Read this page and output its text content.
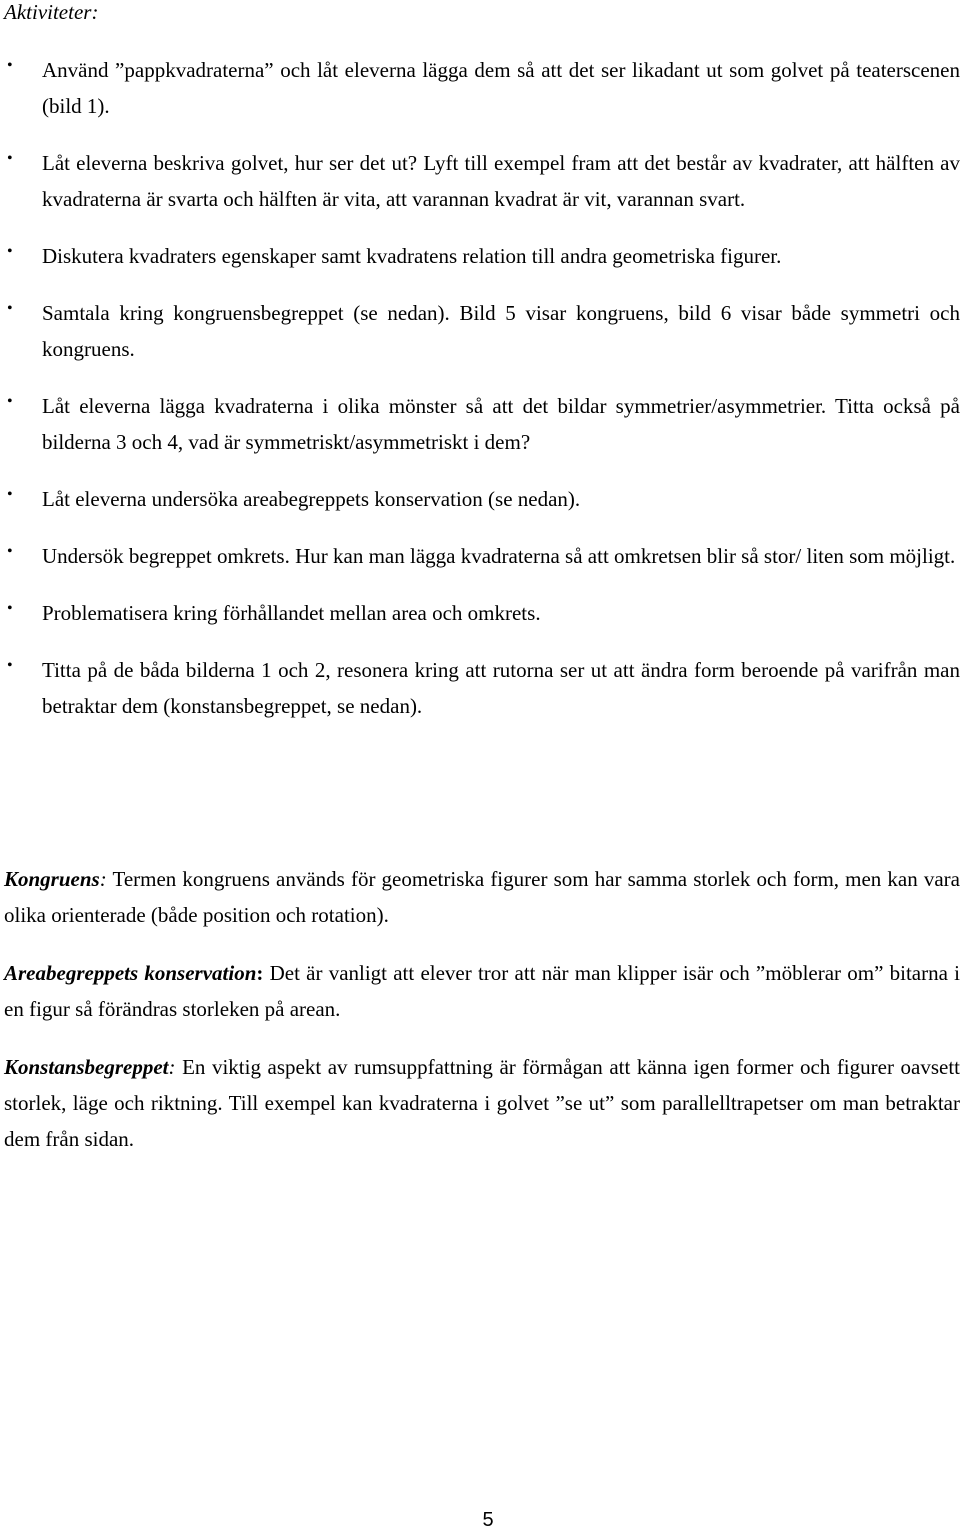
Aktiviteter:
• Använd ”pappkvadraterna” och låt eleverna lägga dem så att det ser likadant ut som golvet på teaterscenen (bild 1).
• Låt eleverna beskriva golvet, hur ser det ut? Lyft till exempel fram att det består av kvadrater, att hälften av kvadraterna är svarta och hälften är vita, att varannan kvadrat är vit, varannan svart.
• Diskutera kvadraters egenskaper samt kvadratens relation till andra geometriska figurer.
• Samtala kring kongruensbegreppet (se nedan). Bild 5 visar kongruens, bild 6 visar både symmetri och kongruens.
• Låt eleverna lägga kvadraterna i olika mönster så att det bildar symmetrier/asymmetrier. Titta också på bilderna 3 och 4, vad är symmetriskt/asymmetriskt i dem?
• Låt eleverna undersöka areabegreppets konservation (se nedan).
• Undersök begreppet omkrets. Hur kan man lägga kvadraterna så att omkretsen blir så stor/ liten som möjligt.
• Problematisera kring förhållandet mellan area och omkrets.
• Titta på de båda bilderna 1 och 2, resonera kring att rutorna ser ut att ändra form beroende på varifrån man betraktar dem (konstansbegreppet, se nedan).

Kongruens: Termen kongruens används för geometriska figurer som har samma storlek och form, men kan vara olika orienterade (både position och rotation).

Areabegreppets konservation: Det är vanligt att elever tror att när man klipper isär och ”möblerar om” bitarna i en figur så förändras storleken på arean.

Konstansbegreppet: En viktig aspekt av rumsuppfattning är förmågan att känna igen former och figurer oavsett storlek, läge och riktning. Till exempel kan kvadraterna i golvet ”se ut” som parallelltrapetser om man betraktar dem från sidan.

5
